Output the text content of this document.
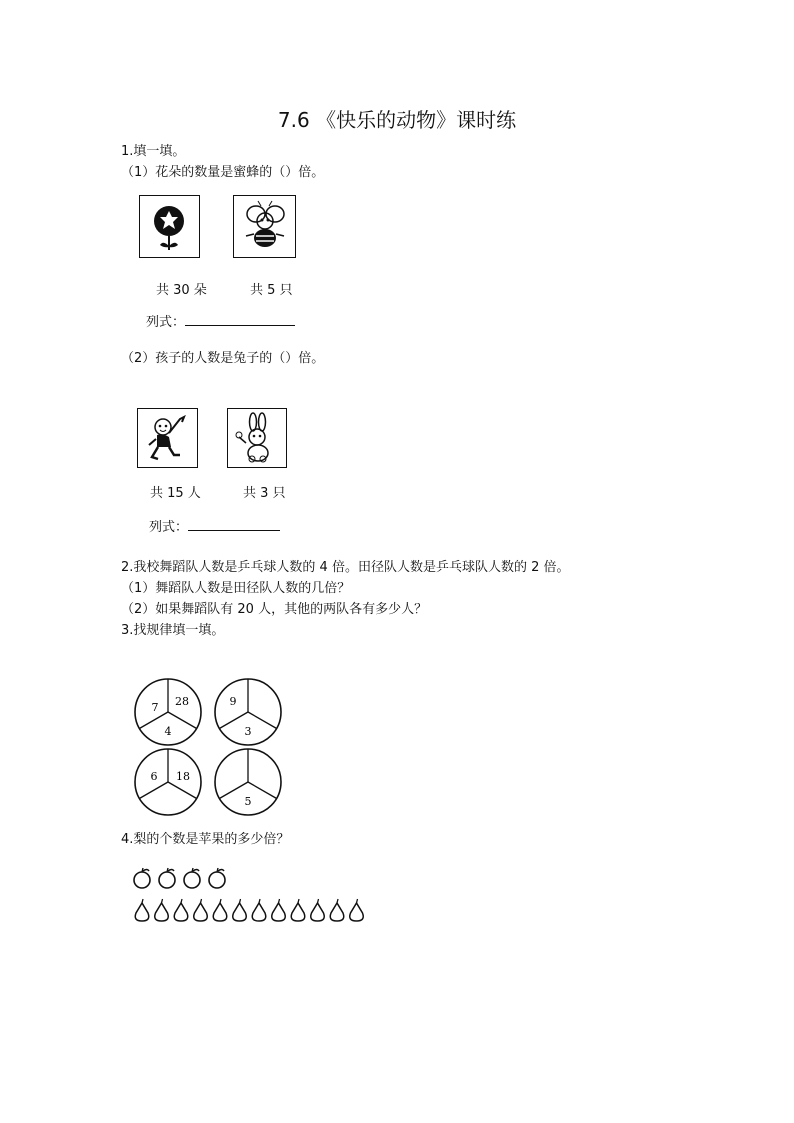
7.6 《快乐的动物》课时练
1.填一填。
（1）花朵的数量是蜜蜂的（）倍。
共 30 朵	共 5 只
列式：
（2）孩子的人数是兔子的（）倍。
共 15 人	共 3 只
列式：
2.我校舞蹈队人数是乒乓球人数的 4 倍。田径队人数是乒乓球队人数的 2 倍。
（1）舞蹈队人数是田径队人数的几倍？
（2）如果舞蹈队有 20 人，其他的两队各有多少人？
3.找规律填一填。
7 28
4
9
3
6 18
5
4.梨的个数是苹果的多少倍？
